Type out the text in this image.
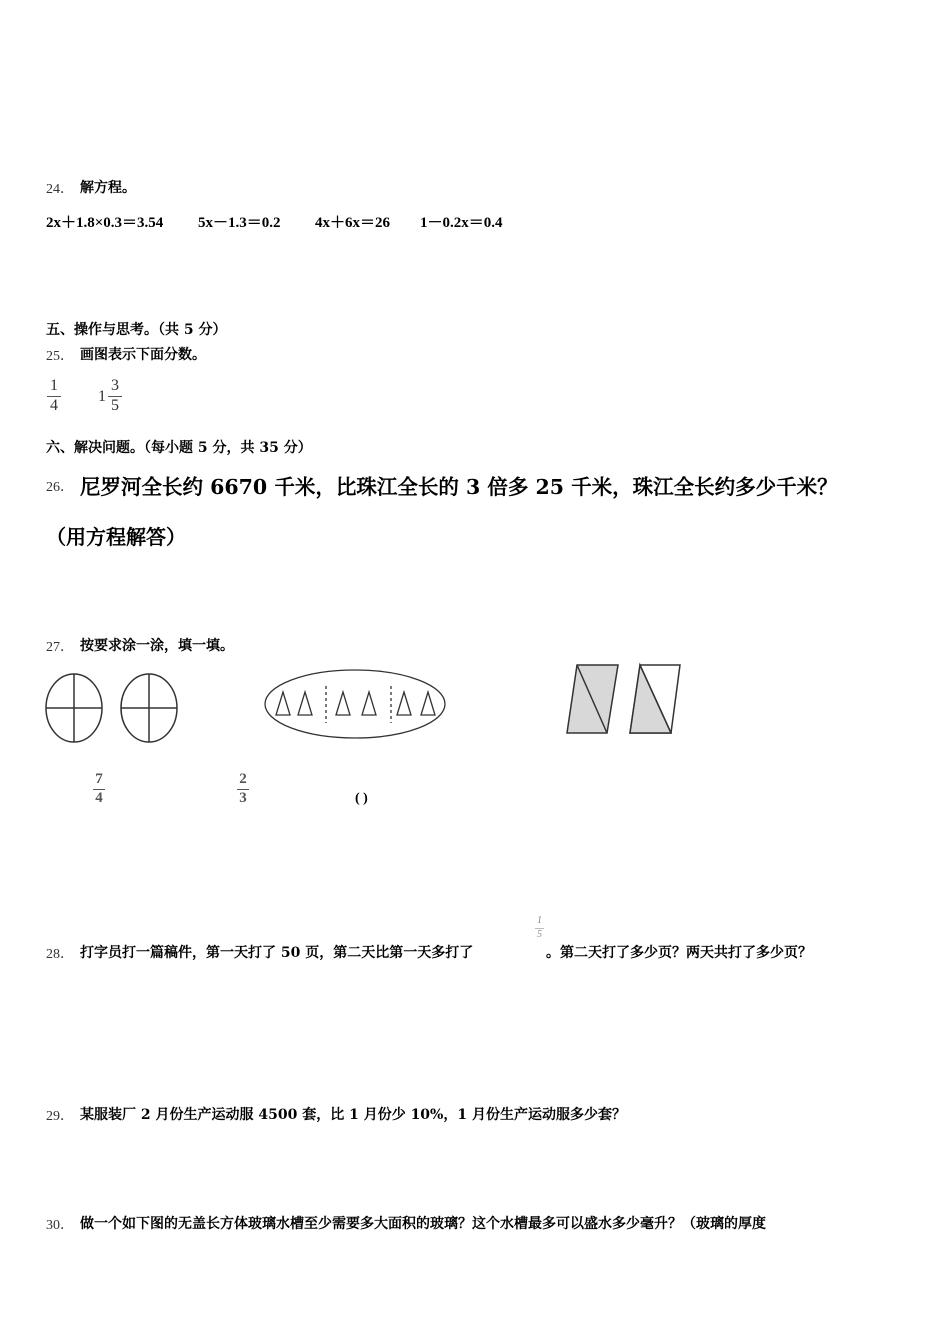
24． 解方程。
2x＋1.8×0.3＝3.54 5x－1.3＝0.2 4x＋6x＝26 1－0.2x＝0.4
五、操作与思考。（共 5 分）
25． 画图表示下面分数。
1
4
1
3
5
六、解决问题。（每小题 5 分，共 35 分）
26． 尼罗河全长约 6670 千米，比珠江全长的 3 倍多 25 千米，珠江全长约多少千米？
（用方程解答）
27． 按要求涂一涂，填一填。
7
4
2
3	( )
28． 打字员打一篇稿件，第一天打了 50 页，第二天比第一天多打了
1
5
。第二天打了多少页？两天共打了多少页？
29． 某服装厂 2 月份生产运动服 4500 套，比 1 月份少 10%，1 月份生产运动服多少套？
30． 做一个如下图的无盖长方体玻璃水槽至少需要多大面积的玻璃？这个水槽最多可以盛水多少毫升？（玻璃的厚度
